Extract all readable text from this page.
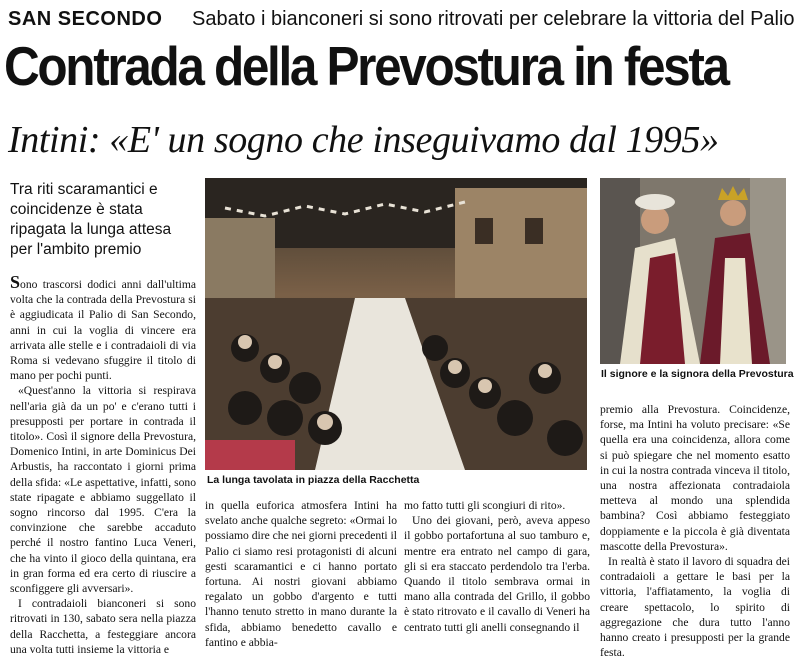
SAN SECONDO Sabato i bianconeri si sono ritrovati per celebrare la vittoria del Palio
Contrada della Prevostura in festa
Intini: «E' un sogno che inseguivamo dal 1995»
Tra riti scaramantici e coincidenze è stata ripagata la lunga attesa per l'ambito premio

Sono trascorsi dodici anni dall'ultima volta che la contrada della Prevostura si è aggiudicata il Palio di San Secondo, anni in cui la voglia di vincere era arrivata alle stelle e i contradaioli di via Roma si vedevano sfuggire il titolo di mano per pochi punti.

«Quest'anno la vittoria si respirava nell'aria già da un po' e c'erano tutti i presupposti per portare in contrada il titolo». Così il signore della Prevostura, Domenico Intini, in arte Dominicus Dei Arbustis, ha raccontato i giorni prima della sfida: «Le aspettative, infatti, sono state ripagate e abbiamo suggellato il sogno rincorso dal 1995. C'era la convinzione che sarebbe accaduto perché il nostro fantino Luca Veneri, che ha vinto il gioco della quintana, era in gran forma ed era certo di riuscire a sconfiggere gli avversari».

I contradaioli bianconeri si sono ritrovati in 130, sabato sera nella piazza della Racchetta, a festeggiare ancora una volta tutti insieme la vittoria e

La lunga tavolata in piazza della Racchetta
Il signore e la signora della Prevostura

in quella euforica atmosfera Intini ha svelato anche qualche segreto: «Ormai lo possiamo dire che nei giorni precedenti il Palio ci siamo resi protagonisti di alcuni gesti scaramantici e ci hanno portato fortuna. Ai nostri giovani abbiamo regalato un gobbo d'argento e tutti l'hanno tenuto stretto in mano durante la sfida, abbiamo benedetto cavallo e fantino e abbia-

mo fatto tutti gli scongiuri di rito».

Uno dei giovani, però, aveva appeso il gobbo portafortuna al suo tamburo e, mentre era entrato nel campo di gara, gli si era staccato perdendolo tra l'erba. Quando il titolo sembrava ormai in mano alla contrada del Grillo, il gobbo è stato ritrovato e il cavallo di Veneri ha centrato tutti gli anelli consegnando il

premio alla Prevostura. Coincidenze, forse, ma Intini ha voluto precisare: «Se quella era una coincidenza, allora come si può spiegare che nel momento esatto in cui la nostra contrada vinceva il titolo, una nostra affezionata contradaiola metteva al mondo una splendida bambina? Così abbiamo festeggiato doppiamente e la piccola è già diventata mascotte della Prevostura».

In realtà è stato il lavoro di squadra dei contradaioli a gettare le basi per la vittoria, l'affiatamento, la voglia di creare spettacolo, lo spirito di aggregazione che dura tutto l'anno hanno creato i presupposti per la grande festa.
